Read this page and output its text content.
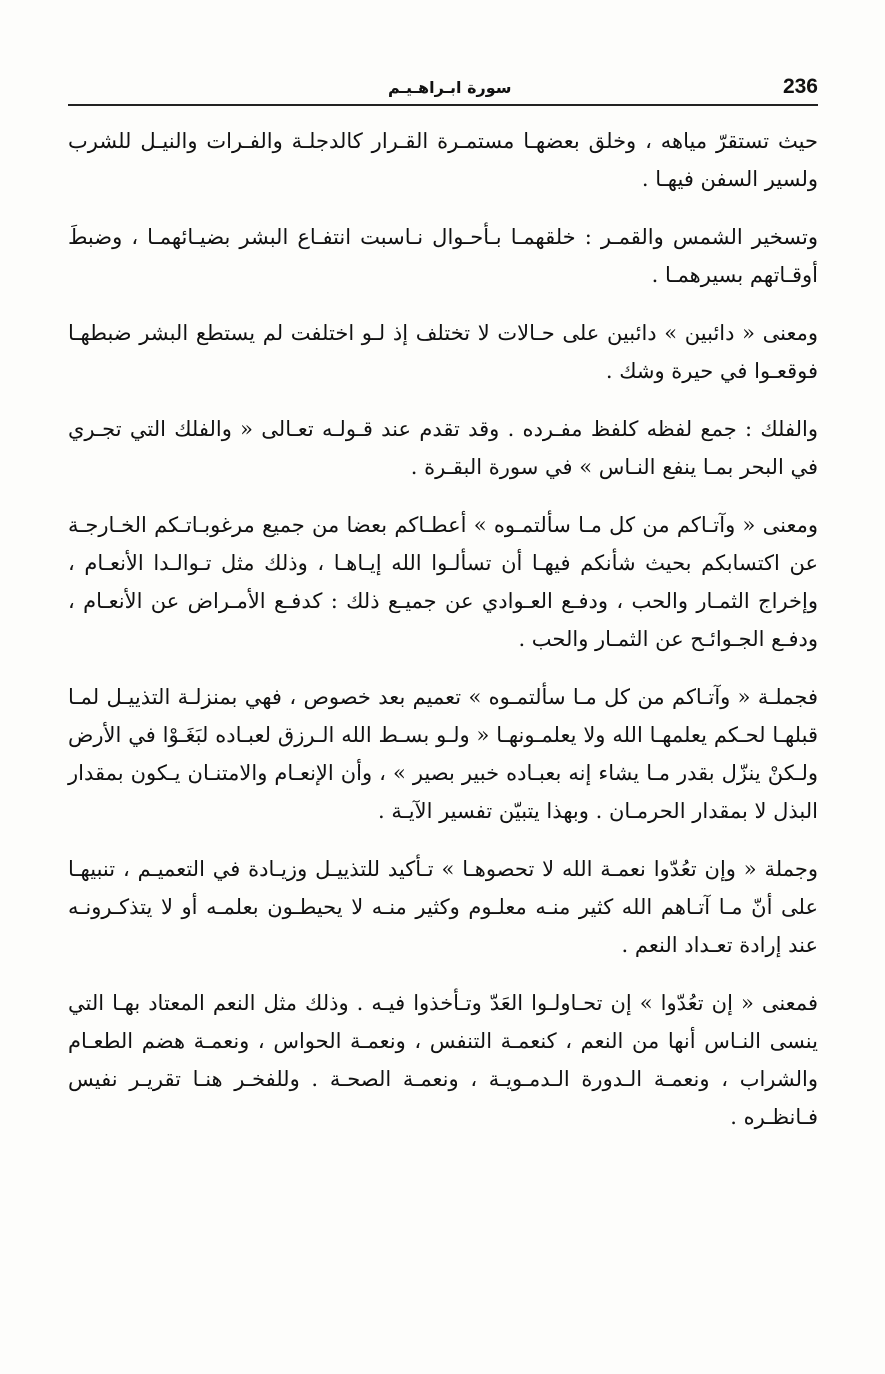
236
سورة ابـراهـيـم

حيث تستقرّ مياهه ، وخلق بعضهـا مستمـرة القـرار كالدجلـة والفـرات والنيـل للشرب ولسير السفن فيهـا .

وتسخير الشمس والقمـر : خلقهمـا بـأحـوال نـاسبت انتفـاع البشر بضيـائهمـا ، وضبطَ أوقـاتهم بسيرهمـا .

ومعنى « دائبين » دائبين على حـالات لا تختلف إذ لـو اختلفت لم يستطع البشر ضبطهـا فوقعـوا في حيرة وشك .

والفلك : جمع لفظه كلفظ مفـرده . وقد تقدم عند قـولـه تعـالى « والفلك التي تجـري في البحر بمـا ينفع النـاس » في سورة البقـرة .

ومعنى « وآتـاكم من كل مـا سألتمـوه » أعطـاكم بعضا من جميع مرغوبـاتـكم الخـارجـة عن اكتسابكم بحيث شأنكم فيهـا أن تسألـوا الله إيـاهـا ، وذلك مثل تـوالـدا الأنعـام ، وإخراج الثمـار والحب ، ودفـع العـوادي عن جميـع ذلك : كدفـع الأمـراض عن الأنعـام ، ودفـع الجـوائـح عن الثمـار والحب .

فجملـة « وآتـاكم من كل مـا سألتمـوه » تعميم بعد خصوص ، فهي بمنزلـة التذييـل لمـا قبلهـا لحـكم يعلمهـا الله ولا يعلمـونهـا « ولـو بسـط الله الـرزق لعبـاده لبَغَـوْا في الأرض ولـكنْ ينزّل بقدر مـا يشاء إنه بعبـاده خبير بصير » ، وأن الإنعـام والامتنـان يـكون بمقدار البذل لا بمقدار الحرمـان . وبهذا يتبيّن تفسير الآيـة .

وجملة « وإن تعُدّوا نعمـة الله لا تحصوهـا » تـأكيد للتذييـل وزيـادة في التعميـم ، تنبيهـا على أنّ مـا آتـاهم الله كثير منـه معلـوم وكثير منـه لا يحيطـون بعلمـه أو لا يتذكـرونـه عند إرادة تعـداد النعم .

فمعنى « إن تعُدّوا » إن تحـاولـوا العَدّ وتـأخذوا فيـه . وذلك مثل النعم المعتاد بهـا التي ينسى النـاس أنها من النعم ، كنعمـة التنفس ، ونعمـة الحواس ، ونعمـة هضم الطعـام والشراب ، ونعمـة الـدورة الـدمـويـة ، ونعمـة الصحـة . وللفخـر هنـا تقريـر نفيس فـانظـره .
